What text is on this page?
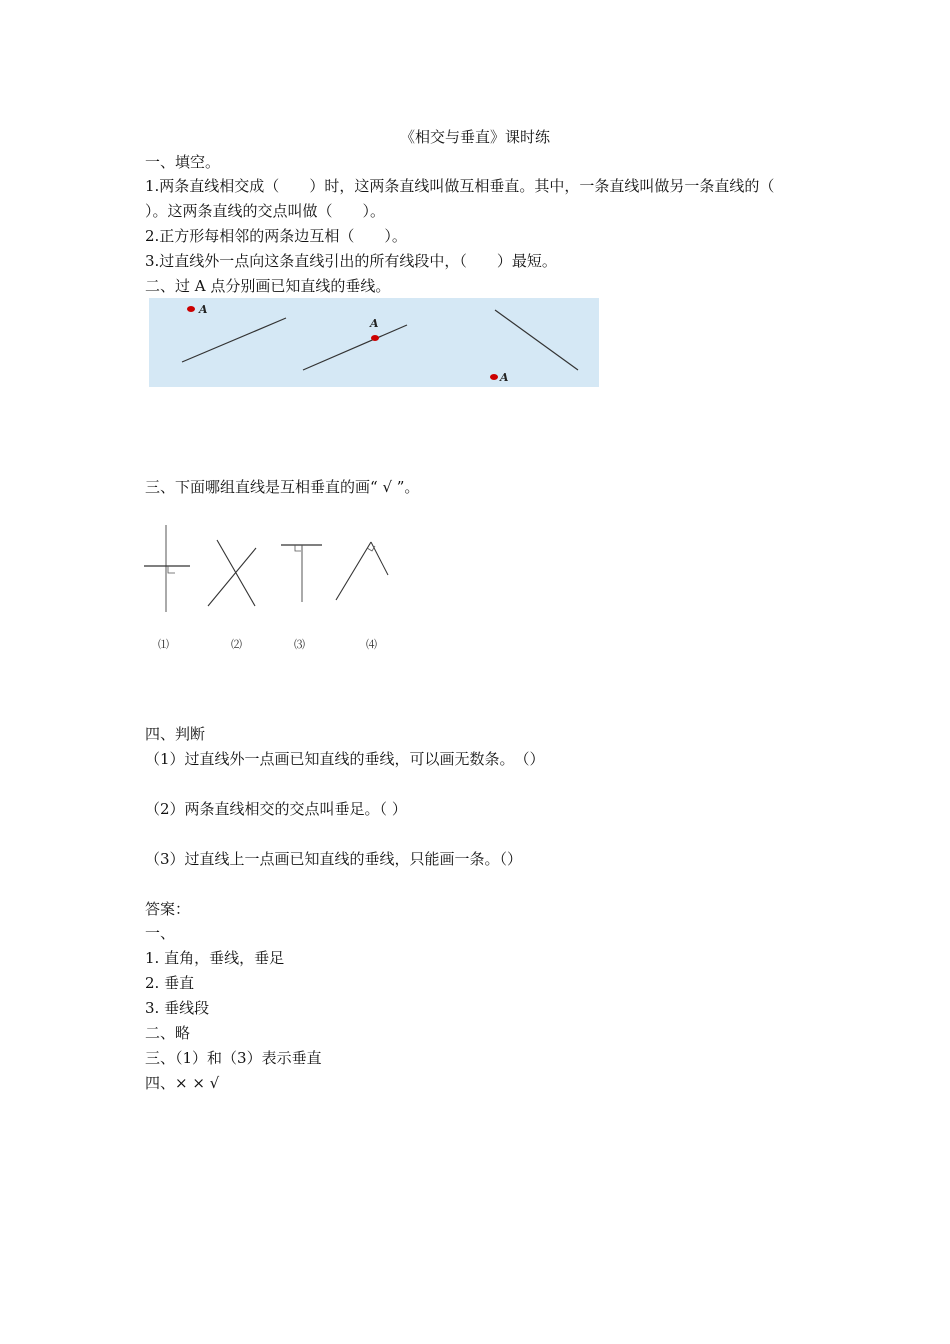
《相交与垂直》课时练
一、填空。
1.两条直线相交成（　　）时，这两条直线叫做互相垂直。其中，一条直线叫做另一条直线的（
）。这两条直线的交点叫做（　　）。
2.正方形每相邻的两条边互相（　　）。
3.过直线外一点向这条直线引出的所有线段中，（　　）最短。
二、过 A 点分别画已知直线的垂线。
A
A
A
三、下面哪组直线是互相垂直的画“ √ ”。
⑴	⑵	⑶	⑷
四、判断
（1）过直线外一点画已知直线的垂线，可以画无数条。　（）
（2）两条直线相交的交点叫垂足。（ ）
（3）过直线上一点画已知直线的垂线，只能画一条。（）
答案：
一、
1. 直角，垂线，垂足
2. 垂直
3. 垂线段
二、略
三、（1）和（3）表示垂直
四、× × √
